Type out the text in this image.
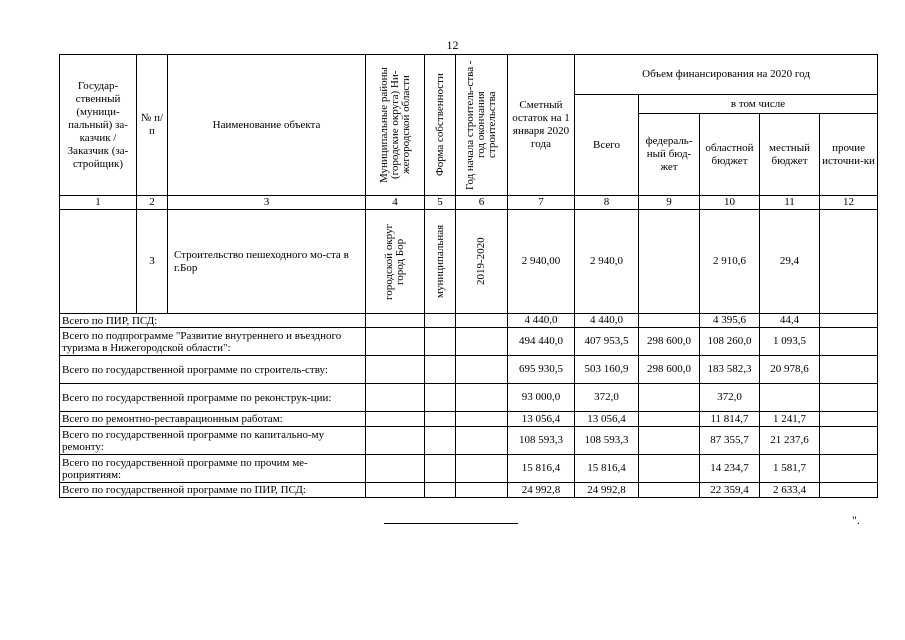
12
Государ-ственный (муници-пальный) за-казчик / Заказчик (за-стройщик)	№ п/п	Наименование объекта	Муниципальные районы (городские округа) Ни-жегородской области	Форма собственности	Год начала строитель-ства - год окончания строительства	Сметный остаток на 1 января 2020 года	Объем финансирования на 2020 год				
							Всего	в том числе			
								федераль-ный бюд-жет	областной бюджет	местный бюджет	прочие источни-ки
1	2	3	4	5	6	7	8	9	10	11	12
	3	Строительство пешеходного мо-ста в г.Бор	городской округ город Бор	муниципальная	2019-2020	2 940,00	2 940,0		2 910,6	29,4	
Всего по ПИР, ПСД:						4 440,0	4 440,0		4 395,6	44,4	
Всего по подпрограмме "Развитие внутреннего и въездного туризма в Нижегородской области":						494 440,0	407 953,5	298 600,0	108 260,0	1 093,5	
Всего по государственной программе по строитель-ству:						695 930,5	503 160,9	298 600,0	183 582,3	20 978,6	
Всего по государственной программе по реконструк-ции:						93 000,0	372,0		372,0		
Всего по ремонтно-реставрационным работам:						13 056,4	13 056,4		11 814,7	1 241,7	
Всего по государственной программе по капитально-му ремонту:						108 593,3	108 593,3		87 355,7	21 237,6	
Всего по государственной программе по прочим ме-роприятиям:						15 816,4	15 816,4		14 234,7	1 581,7	
Всего по государственной программе по ПИР, ПСД:						24 992,8	24 992,8		22 359,4	2 633,4	
".
